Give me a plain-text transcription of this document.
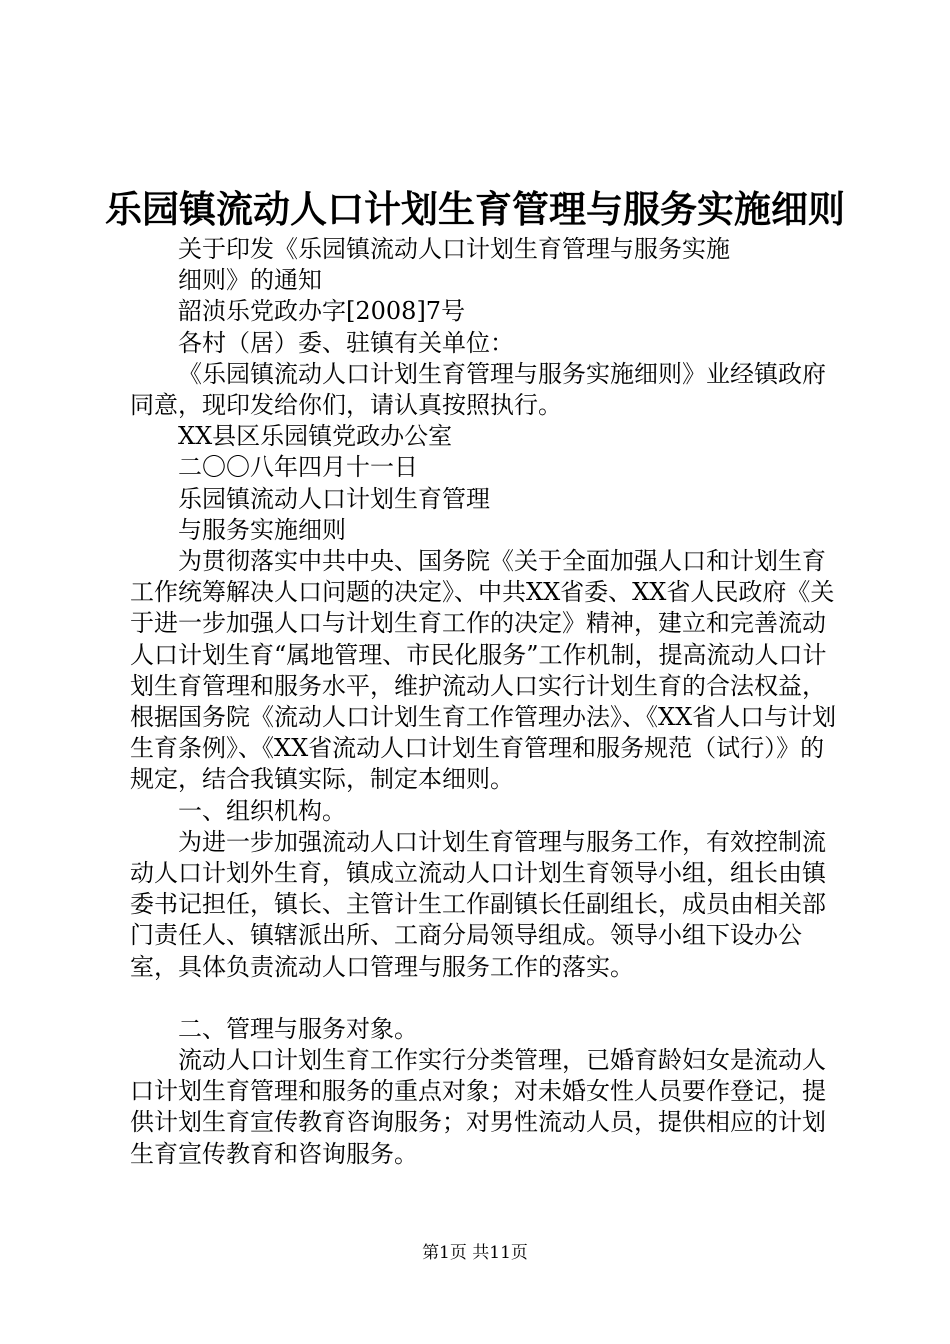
乐园镇流动人口计划生育管理与服务实施细则

关于印发《乐园镇流动人口计划生育管理与服务实施

细则》的通知

韶浈乐党政办字[2008]7号

各村（居）委、驻镇有关单位：

《乐园镇流动人口计划生育管理与服务实施细则》业经镇政府同意，现印发给你们，请认真按照执行。

XX县区乐园镇党政办公室

二〇〇八年四月十一日

乐园镇流动人口计划生育管理

与服务实施细则

为贯彻落实中共中央、国务院《关于全面加强人口和计划生育工作统筹解决人口问题的决定》、中共XX省委、XX省人民政府《关于进一步加强人口与计划生育工作的决定》精神，建立和完善流动人口计划生育“属地管理、市民化服务”工作机制，提高流动人口计划生育管理和服务水平，维护流动人口实行计划生育的合法权益，根据国务院《流动人口计划生育工作管理办法》、《XX省人口与计划生育条例》、《XX省流动人口计划生育管理和服务规范（试行）》的规定，结合我镇实际，制定本细则。

一、组织机构。

为进一步加强流动人口计划生育管理与服务工作，有效控制流动人口计划外生育，镇成立流动人口计划生育领导小组，组长由镇委书记担任，镇长、主管计生工作副镇长任副组长，成员由相关部门责任人、镇辖派出所、工商分局领导组成。领导小组下设办公室，具体负责流动人口管理与服务工作的落实。

二、管理与服务对象。

流动人口计划生育工作实行分类管理，已婚育龄妇女是流动人口计划生育管理和服务的重点对象；对未婚女性人员要作登记，提供计划生育宣传教育咨询服务；对男性流动人员，提供相应的计划生育宣传教育和咨询服务。

第1页 共11页
